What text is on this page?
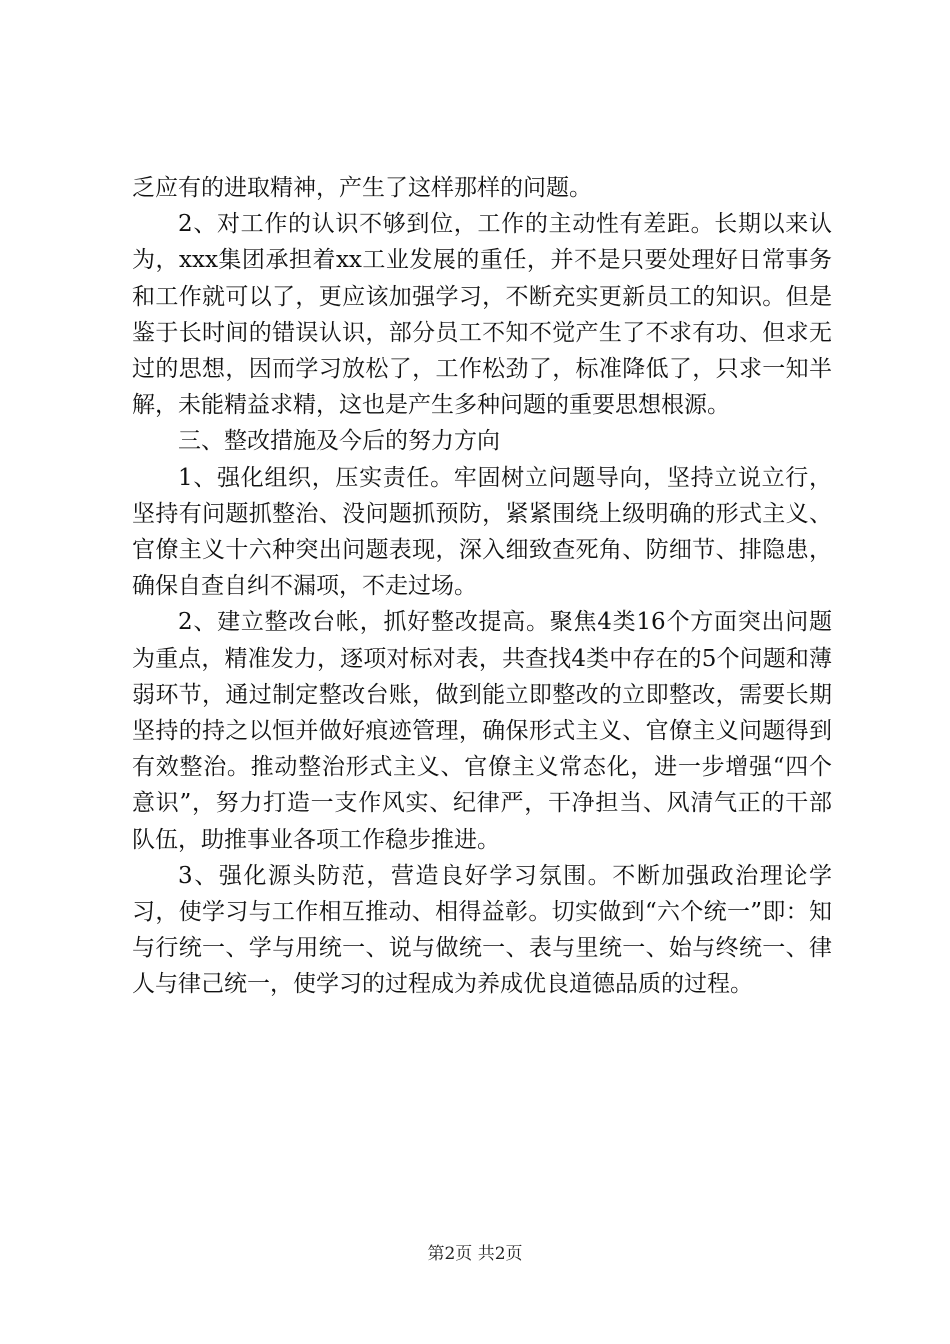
乏应有的进取精神，产生了这样那样的问题。

2、对工作的认识不够到位，工作的主动性有差距。长期以来认为，xxx集团承担着xx工业发展的重任，并不是只要处理好日常事务和工作就可以了，更应该加强学习，不断充实更新员工的知识。但是鉴于长时间的错误认识，部分员工不知不觉产生了不求有功、但求无过的思想，因而学习放松了，工作松劲了，标准降低了，只求一知半解，未能精益求精，这也是产生多种问题的重要思想根源。

三、整改措施及今后的努力方向

1、强化组织，压实责任。牢固树立问题导向，坚持立说立行，坚持有问题抓整治、没问题抓预防，紧紧围绕上级明确的形式主义、官僚主义十六种突出问题表现，深入细致查死角、防细节、排隐患，确保自查自纠不漏项，不走过场。

2、建立整改台帐，抓好整改提高。聚焦4类16个方面突出问题为重点，精准发力，逐项对标对表，共查找4类中存在的5个问题和薄弱环节，通过制定整改台账，做到能立即整改的立即整改，需要长期坚持的持之以恒并做好痕迹管理，确保形式主义、官僚主义问题得到有效整治。推动整治形式主义、官僚主义常态化，进一步增强“四个意识”，努力打造一支作风实、纪律严，干净担当、风清气正的干部队伍，助推事业各项工作稳步推进。

3、强化源头防范，营造良好学习氛围。不断加强政治理论学习，使学习与工作相互推动、相得益彰。切实做到“六个统一”即：知与行统一、学与用统一、说与做统一、表与里统一、始与终统一、律人与律己统一，使学习的过程成为养成优良道德品质的过程。

第2页 共2页
